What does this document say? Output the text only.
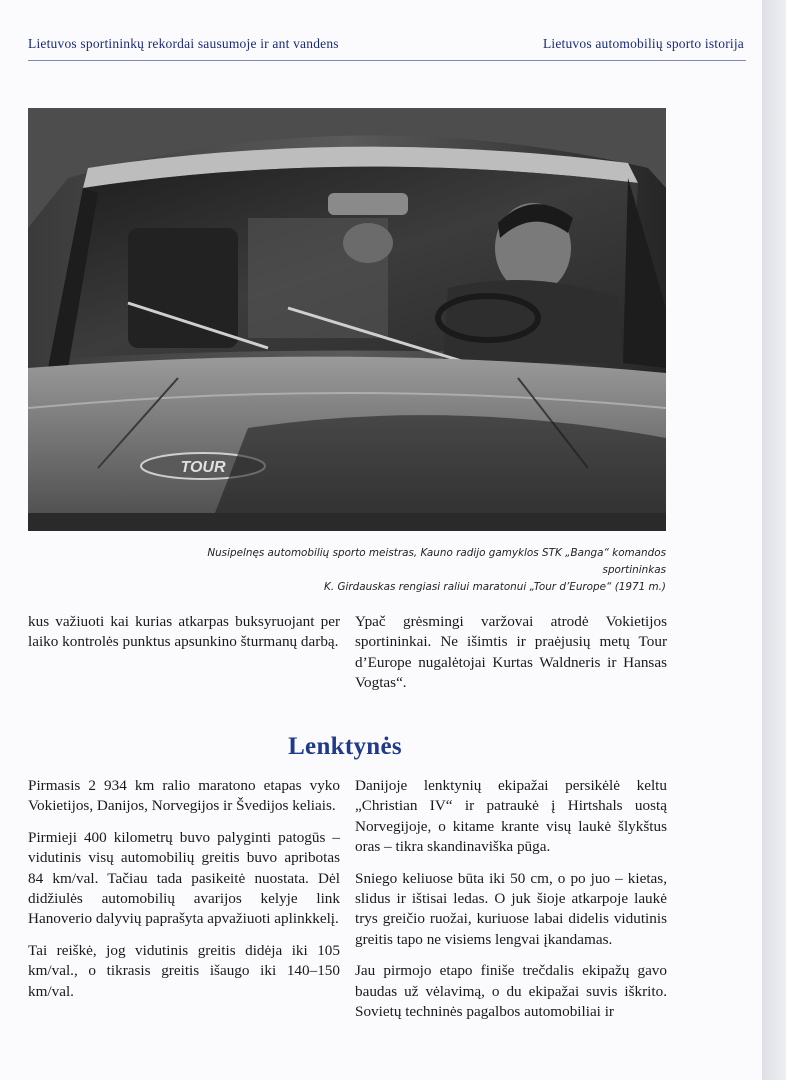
Lietuvos sportininkų rekordai sausumoje ir ant vandens	Lietuvos automobilių sporto istorija
TOUR
Nusipelnęs automobilių sporto meistras, Kauno radijo gamyklos STK „Banga“ komandos sportininkas
K. Girdauskas rengiasi raliui maratonui „Tour d’Europe“ (1971 m.)

kus važiuoti kai kurias atkarpas buksyruojant per laiko kontrolės punktus apsunkino šturmanų darbą.

Ypač grėsmingi varžovai atrodė Vokietijos sportininkai. Ne išimtis ir praėjusių metų Tour d’Europe nugalėtojai Kurtas Waldneris ir Hansas Vogtas“.

Lenktynės

Pirmasis 2 934 km ralio maratono etapas vyko Vokietijos, Danijos, Norvegijos ir Švedijos keliais.

Pirmieji 400 kilometrų buvo palyginti patogūs – vidutinis visų automobilių greitis buvo apribotas 84 km/val. Tačiau tada pasikeitė nuostata. Dėl didžiulės automobilių avarijos kelyje link Hanoverio dalyvių paprašyta apvažiuoti aplinkkelį.

Tai reiškė, jog vidutinis greitis didėja iki 105 km/val., o tikrasis greitis išaugo iki 140–150 km/val.

Danijoje lenktynių ekipažai persikėlė keltu „Christian IV“ ir patraukė į Hirtshals uostą Norvegijoje, o kitame krante visų laukė šlykštus oras – tikra skandinaviška pūga.

Sniego keliuose būta iki 50 cm, o po juo – kietas, slidus ir ištisai ledas. O juk šioje atkarpoje laukė trys greičio ruožai, kuriuose labai didelis vidutinis greitis tapo ne visiems lengvai įkandamas.

Jau pirmojo etapo finiše trečdalis ekipažų gavo baudas už vėlavimą, o du ekipažai suvis iškrito. Sovietų techninės pagalbos automobiliai ir
